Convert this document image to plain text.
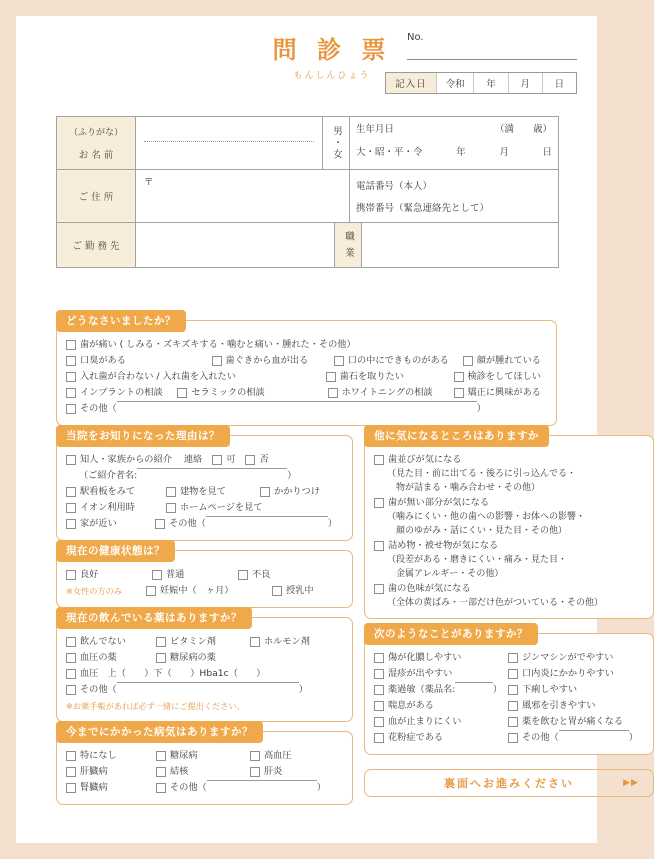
問 診 票
もんしんひょう
No.
記入日	令和	年	月	日
（ふりがな）
お 名 前	男・女	生年月日	（満　　歳）
大・昭・平・令	年	月	日
ご 住 所
〒	電話番号（本人）
携帯番号（緊急連絡先として）
ご 勤 務 先	職 業
どうなさいましたか？
歯が痛い ( しみる・ズキズキする・噛むと痛い・腫れた・その他）
口臭がある	歯ぐきから血が出る	口の中にできものがある	顔が腫れている
入れ歯が合わない / 入れ歯を入れたい	歯石を取りたい	検診をしてほしい
インプラントの相談	セラミックの相談	ホワイトニングの相談	矯正に興味がある
その他（	）
当院をお知りになった理由は？
知人・家族からの紹介 連絡	可	否
（ご紹介者名:	）
駅看板をみて	建物を見て	かかりつけ
イオン利用時	ホームページを見て
家が近い	その他（	）
現在の健康状態は？
良好	普通	不良
※女性の方のみ	妊娠中（　ヶ月）	授乳中
現在の飲んでいる薬はありますか？
飲んでない	ビタミン剤	ホルモン剤
血圧の薬	糖尿病の薬
血圧　上（　　）下（　　）Hba1c（　　）
その他（	）
※お薬手帳があれば必ず一緒にご提出ください。
今までにかかった病気はありますか？
特になし	糖尿病	高血圧
肝臓病	結核	肝炎
腎臓病	その他（	）
他に気になるところはありますか
歯並びが気になる
（見た目・前に出てる・後ろに引っ込んでる・
　物が詰まる・噛み合わせ・その他）
歯が無い部分が気になる
（噛みにくい・他の歯への影響・お体への影響・
　顔のゆがみ・話にくい・見た目・その他）
詰め物・被せ物が気になる
（段差がある・磨きにくい・痛み・見た目・
　金属アレルギー・その他）
歯の色味が気になる
（全体の黄ばみ・一部だけ色がついている・その他）
次のようなことがありますか？
傷が化膿しやすい	ジンマシンがでやすい
湿疹が出やすい	口内炎にかかりやすい
薬過敏（薬品名:	） 下痢しやすい
喘息がある	風邪を引きやすい
血が止まりにくい	薬を飲むと胃が痛くなる
花粉症である	その他（	）
裏面へお進みください	▶▶
